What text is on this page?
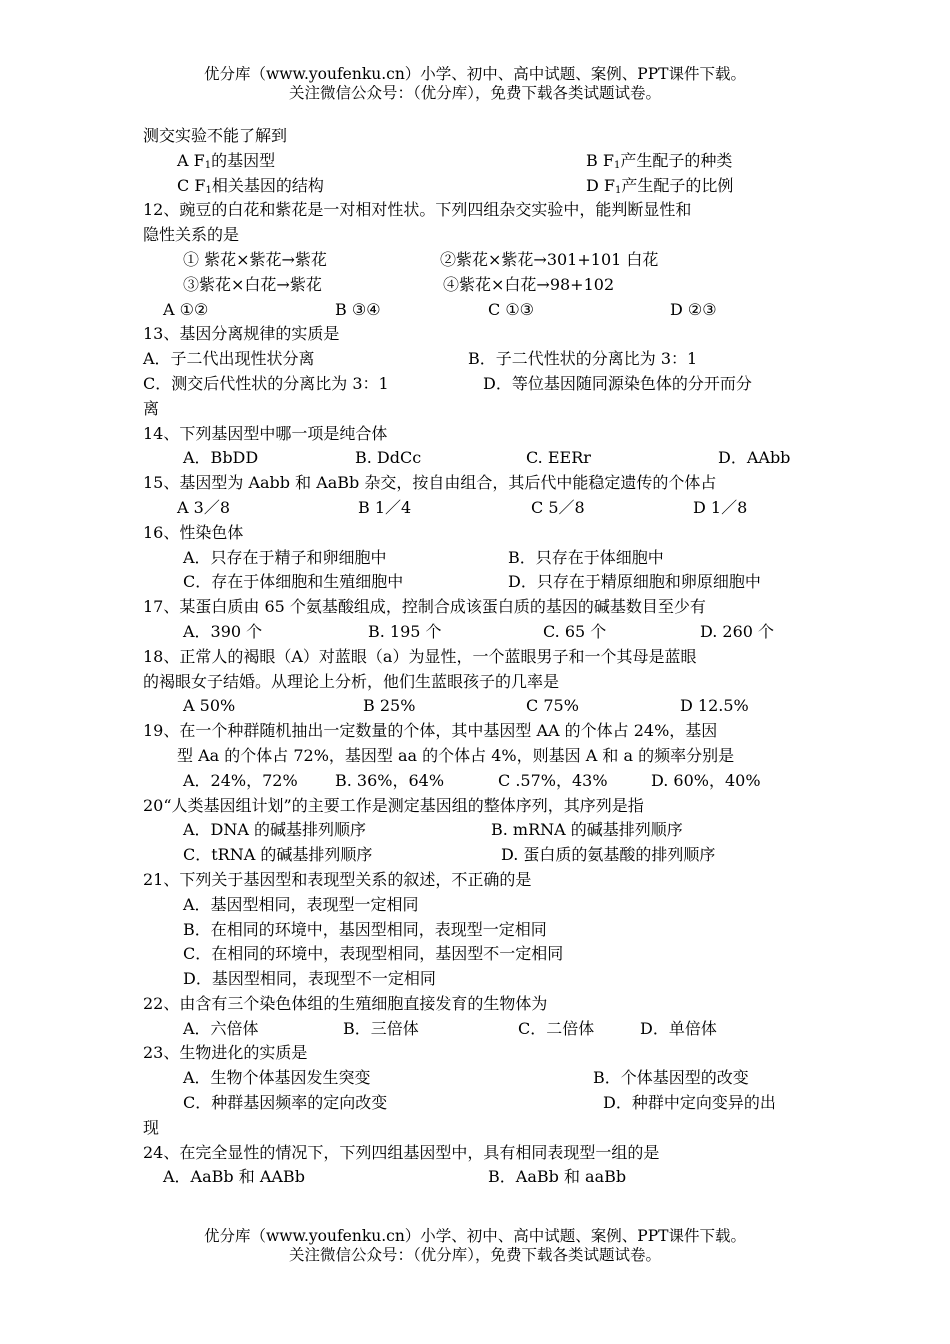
优分库（www.youfenku.cn）小学、初中、高中试题、案例、PPT课件下载。
关注微信公众号：（优分库），免费下载各类试题试卷。
测交实验不能了解到
A $F_1$的基因型	B $F_1$产生配子的种类
C $F_1$相关基因的结构	D $F_1$产生配子的比例
12、豌豆的白花和紫花是一对相对性状。下列四组杂交实验中，能判断显性和
隐性关系的是
① 紫花×紫花→紫花	②紫花×紫花→301+101 白花
③紫花×白花→紫花	④紫花×白花→98+102
A ①②	B ③④	C ①③	D ②③
13、基因分离规律的实质是
A．子二代出现性状分离	B．子二代性状的分离比为 3：1
C．测交后代性状的分离比为 3：1	D．等位基因随同源染色体的分开而分
离
14、下列基因型中哪一项是纯合体
A．BbDD	B. DdCc	C. EERr	D．AAbb
15、基因型为 Aabb 和 AaBb 杂交，按自由组合，其后代中能稳定遗传的个体占
A 3／8	B 1／4	C 5／8	D 1／8
16、性染色体
A．只存在于精子和卵细胞中	B．只存在于体细胞中
C．存在于体细胞和生殖细胞中	D．只存在于精原细胞和卵原细胞中
17、某蛋白质由 65 个氨基酸组成，控制合成该蛋白质的基因的碱基数目至少有
A．390 个	B. 195 个	C. 65 个	D. 260 个
18、正常人的褐眼（A）对蓝眼（a）为显性，一个蓝眼男子和一个其母是蓝眼
的褐眼女子结婚。从理论上分析，他们生蓝眼孩子的几率是
A 50%	B 25%	C 75%	D 12.5%
19、在一个种群随机抽出一定数量的个体，其中基因型 AA 的个体占 24%，基因
型 Aa 的个体占 72%，基因型 aa 的个体占 4%，则基因 A 和 a 的频率分别是
A．24%，72% B. 36%，64%	C .57%，43%	D. 60%，40%
20“人类基因组计划”的主要工作是测定基因组的整体序列，其序列是指
A．DNA 的碱基排列顺序	B. mRNA 的碱基排列顺序
C．tRNA 的碱基排列顺序	D. 蛋白质的氨基酸的排列顺序
21、下列关于基因型和表现型关系的叙述，不正确的是
A．基因型相同，表现型一定相同
B．在相同的环境中，基因型相同，表现型一定相同
C．在相同的环境中，表现型相同，基因型不一定相同
D．基因型相同，表现型不一定相同
22、由含有三个染色体组的生殖细胞直接发育的生物体为
A．六倍体	B．三倍体	C．二倍体	D．单倍体
23、生物进化的实质是
A．生物个体基因发生突变	B．个体基因型的改变
C．种群基因频率的定向改变	D．种群中定向变异的出
现
24、在完全显性的情况下，下列四组基因型中，具有相同表现型一组的是
A．AaBb 和 AABb	B．AaBb 和 aaBb
优分库（www.youfenku.cn）小学、初中、高中试题、案例、PPT课件下载。
关注微信公众号：（优分库），免费下载各类试题试卷。
